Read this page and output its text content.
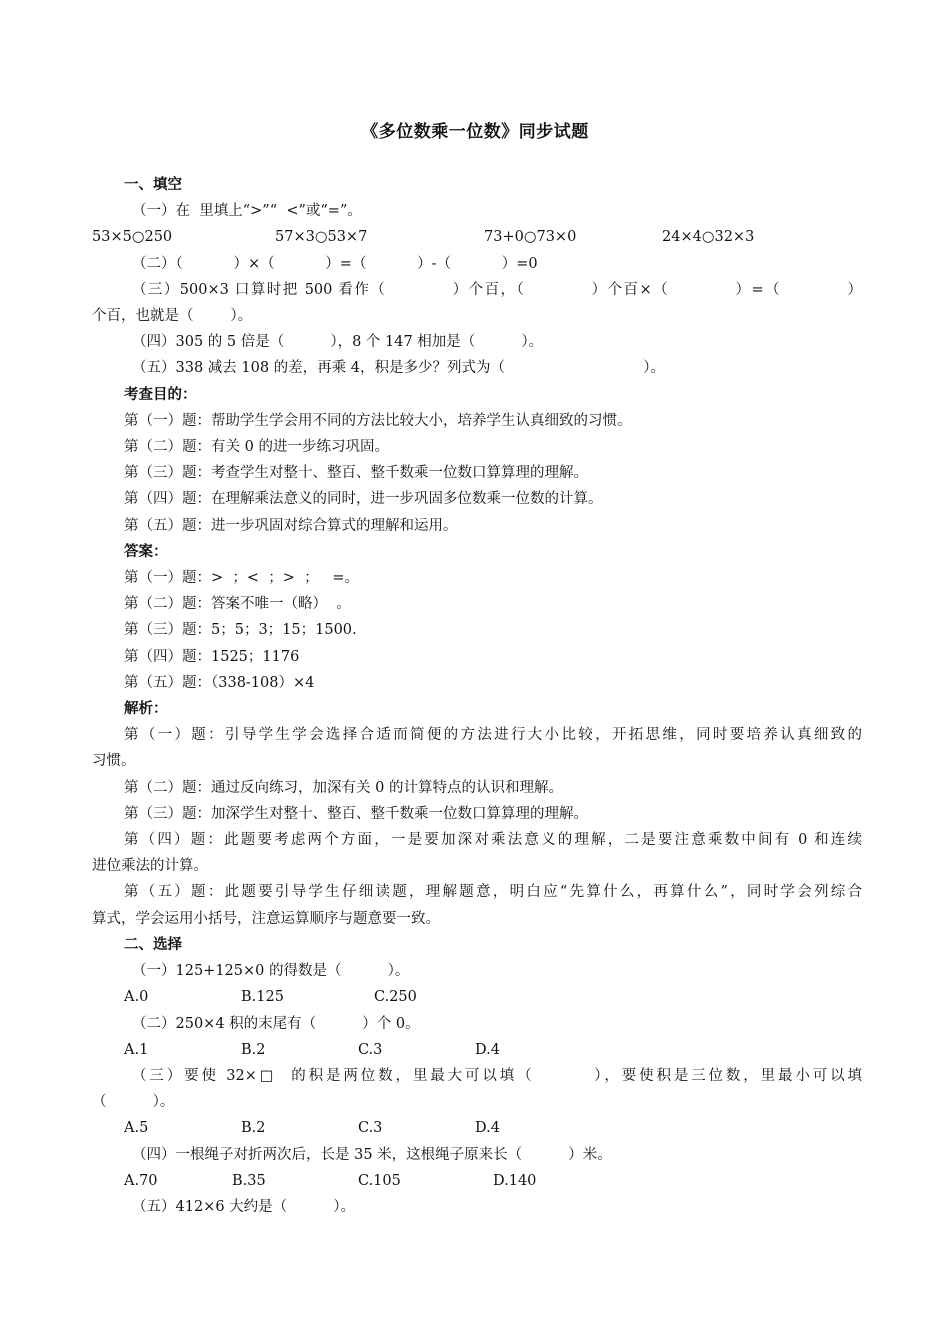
《多位数乘一位数》同步试题
一、填空
（一）在  里填上“>”“  <”或“=”。
53×5○250	57×3○53×7	73+0○73×0	24×4○32×3
（二）（           ）×（           ）=（           ）-（           ）=0
（三）500×3 口算时把 500 看作（           ）个百，（           ）个百×（           ）=（           ）
个百，也就是（        ）。
（四）305 的 5 倍是（          ），8 个 147 相加是（          ）。
（五）338 减去 108 的差，再乘 4，积是多少？列式为（                              ）。
考查目的：
第（一）题：帮助学生学会用不同的方法比较大小，培养学生认真细致的习惯。
第（二）题：有关 0 的进一步练习巩固。
第（三）题：考查学生对整十、整百、整千数乘一位数口算算理的理解。
第（四）题：在理解乘法意义的同时，进一步巩固多位数乘一位数的计算。
第（五）题：进一步巩固对综合算式的理解和运用。
答案：
第（一）题：>  ；<  ；>  ；   =。
第（二）题：答案不唯一（略）  。
第（三）题：5；5；3；15；1500.
第（四）题：1525；1176
第（五）题：（338-108）×4
解析：
第（一）题：引导学生学会选择合适而简便的方法进行大小比较，开拓思维，同时要培养认真细致的
习惯。
第（二）题：通过反向练习，加深有关 0 的计算特点的认识和理解。
第（三）题：加深学生对整十、整百、整千数乘一位数口算算理的理解。
第（四）题：此题要考虑两个方面，一是要加深对乘法意义的理解，二是要注意乘数中间有 0 和连续
进位乘法的计算。
第（五）题：此题要引导学生仔细读题，理解题意，明白应“先算什么，再算什么”，同时学会列综合
算式，学会运用小括号，注意运算顺序与题意要一致。
二、选择
（一）125+125×0 的得数是（          ）。
A.0	B.125	C.250
（二）250×4 积的末尾有（          ）个 0。
A.1	B.2	C.3	D.4
（三）要使 32×□  的积是两位数，里最大可以填（        ），要使积是三位数，里最小可以填
（          ）。
A.5	B.2	C.3	D.4
（四）一根绳子对折两次后，长是 35 米，这根绳子原来长（          ）米。
A.70	B.35	C.105	D.140
（五）412×6 大约是（          ）。
